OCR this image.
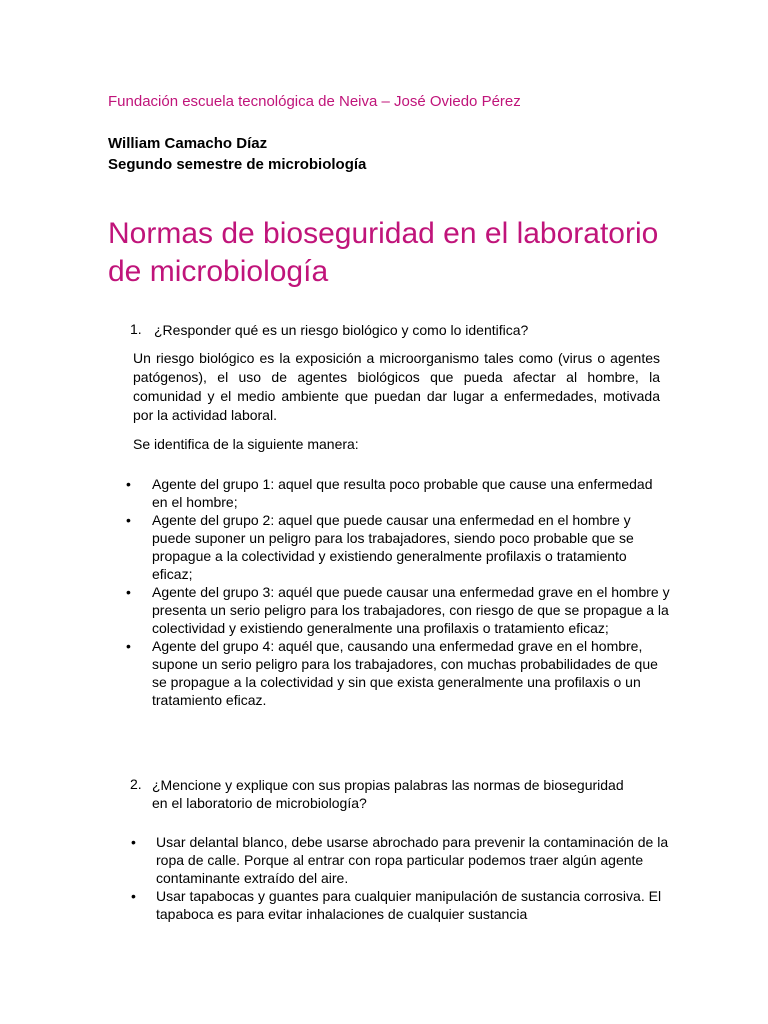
Fundación escuela tecnológica de Neiva – José Oviedo Pérez
William Camacho Díaz
Segundo semestre de microbiología
Normas de bioseguridad en el laboratorio de microbiología
1. ¿Responder qué es un riesgo biológico y como lo identifica?
Un riesgo biológico es la exposición a microorganismo tales como (virus o agentes patógenos), el uso de agentes biológicos que pueda afectar al hombre, la comunidad y el medio ambiente que puedan dar lugar a enfermedades, motivada por la actividad laboral.
Se identifica de la siguiente manera:
• Agente del grupo 1: aquel que resulta poco probable que cause una enfermedad en el hombre;
• Agente del grupo 2: aquel que puede causar una enfermedad en el hombre y puede suponer un peligro para los trabajadores, siendo poco probable que se propague a la colectividad y existiendo generalmente profilaxis o tratamiento eficaz;
• Agente del grupo 3: aquél que puede causar una enfermedad grave en el hombre y presenta un serio peligro para los trabajadores, con riesgo de que se propague a la colectividad y existiendo generalmente una profilaxis o tratamiento eficaz;
• Agente del grupo 4: aquél que, causando una enfermedad grave en el hombre, supone un serio peligro para los trabajadores, con muchas probabilidades de que se propague a la colectividad y sin que exista generalmente una profilaxis o un tratamiento eficaz.
2. ¿Mencione y explique con sus propias palabras las normas de bioseguridad en el laboratorio de microbiología?
• Usar delantal blanco, debe usarse abrochado para prevenir la contaminación de la ropa de calle. Porque al entrar con ropa particular podemos traer algún agente contaminante extraído del aire.
• Usar tapabocas y guantes para cualquier manipulación de sustancia corrosiva. El tapaboca es para evitar inhalaciones de cualquier sustancia
